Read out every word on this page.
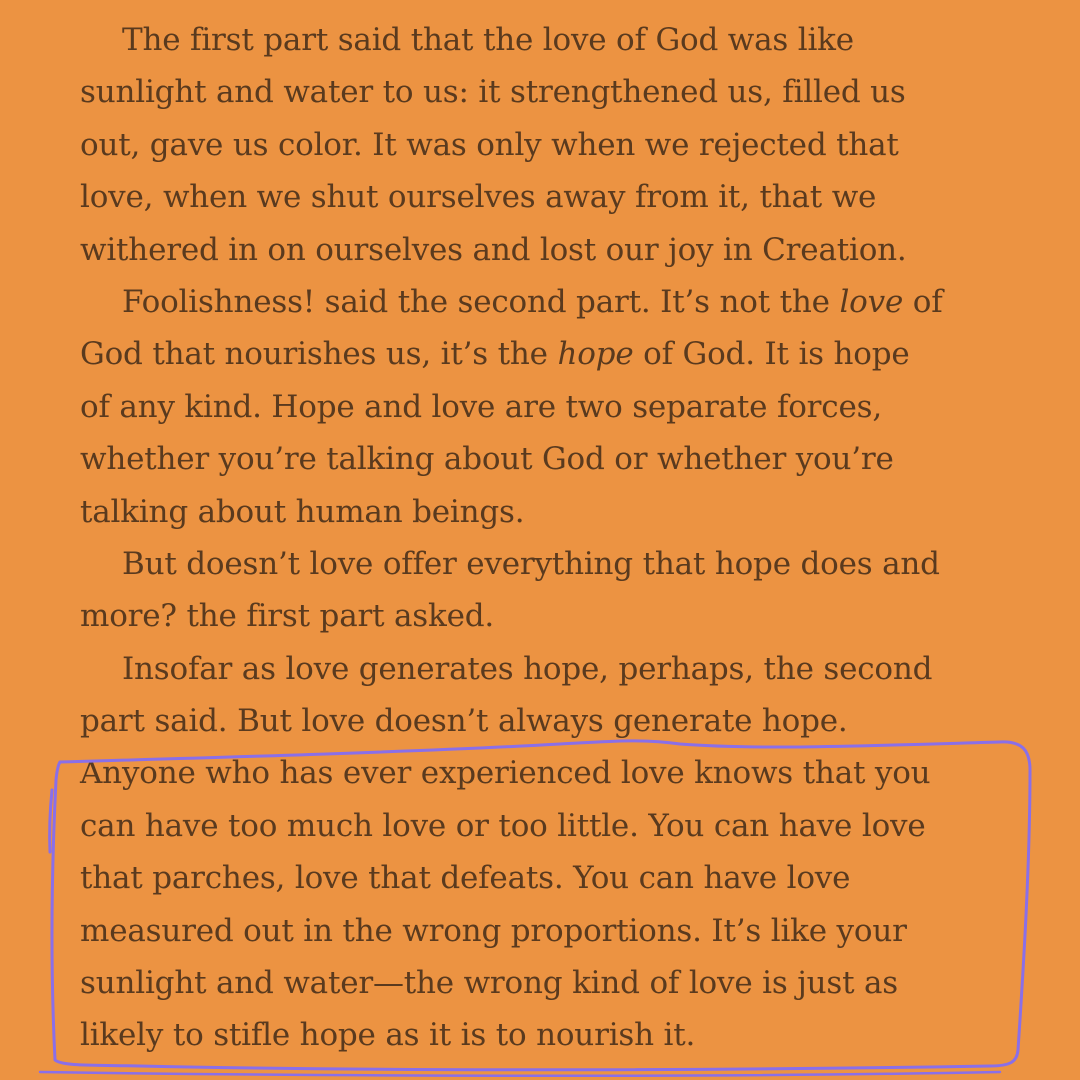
The first part said that the love of God was like
sunlight and water to us: it strengthened us, filled us
out, gave us color. It was only when we rejected that
love, when we shut ourselves away from it, that we
withered in on ourselves and lost our joy in Creation.
Foolishness! said the second part. It’s not the love of
God that nourishes us, it’s the hope of God. It is hope
of any kind. Hope and love are two separate forces,
whether you’re talking about God or whether you’re
talking about human beings.
But doesn’t love offer everything that hope does and
more? the first part asked.
Insofar as love generates hope, perhaps, the second
part said. But love doesn’t always generate hope.
Anyone who has ever experienced love knows that you
can have too much love or too little. You can have love
that parches, love that defeats. You can have love
measured out in the wrong proportions. It’s like your
sunlight and water—the wrong kind of love is just as
likely to stifle hope as it is to nourish it.
